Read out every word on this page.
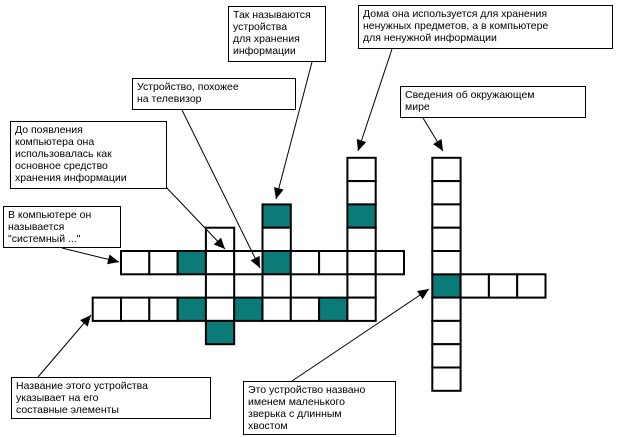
Так называются
устройства
для хранения
информации
Дома она используется для хранения
ненужных предметов, а в компьютере
для ненужной информации
Устройство, похожее
на телевизор	Сведения об окружающем
мире
До появления
компьютера она
использовалась как
основное средство
хранения информации
В компьютере он
называется
"системный ..."
Название этого устройства
указывает на его
составные элементы
Это устройство названо
именем маленького
зверька с длинным
хвостом
